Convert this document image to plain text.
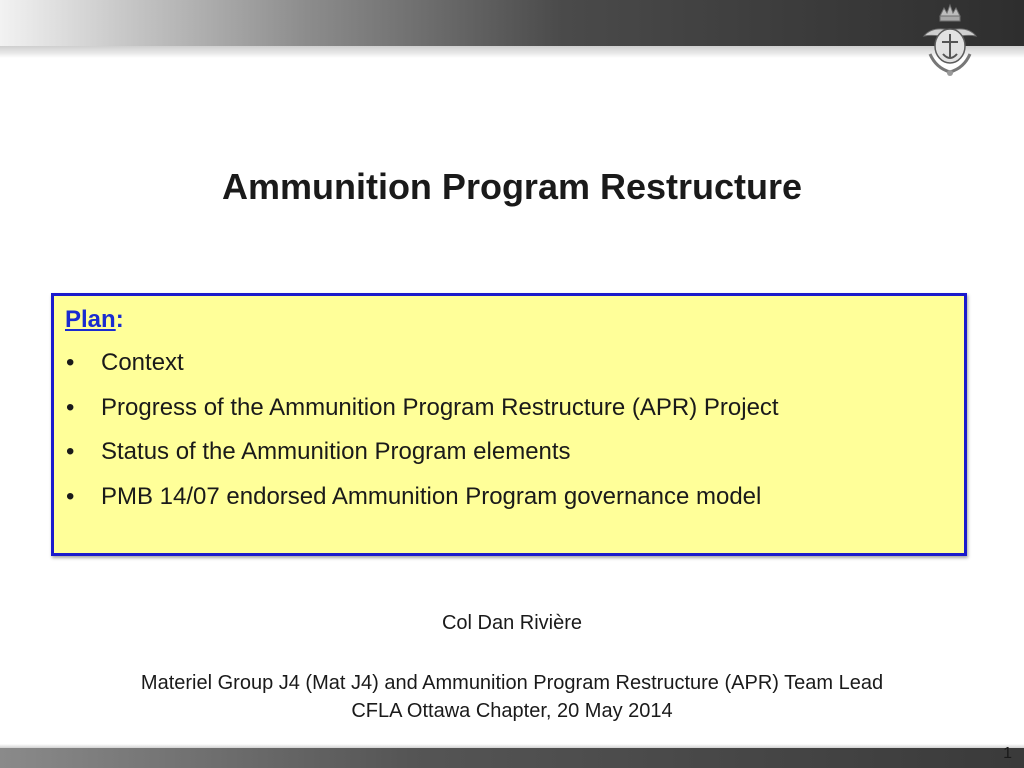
Ammunition Program Restructure
Plan:
• Context
• Progress of the Ammunition Program Restructure (APR) Project
• Status of the Ammunition Program elements
• PMB 14/07 endorsed Ammunition Program governance model
Col Dan Rivière
Materiel Group J4 (Mat J4) and Ammunition Program Restructure (APR) Team Lead
CFLA Ottawa Chapter, 20 May 2014
1
